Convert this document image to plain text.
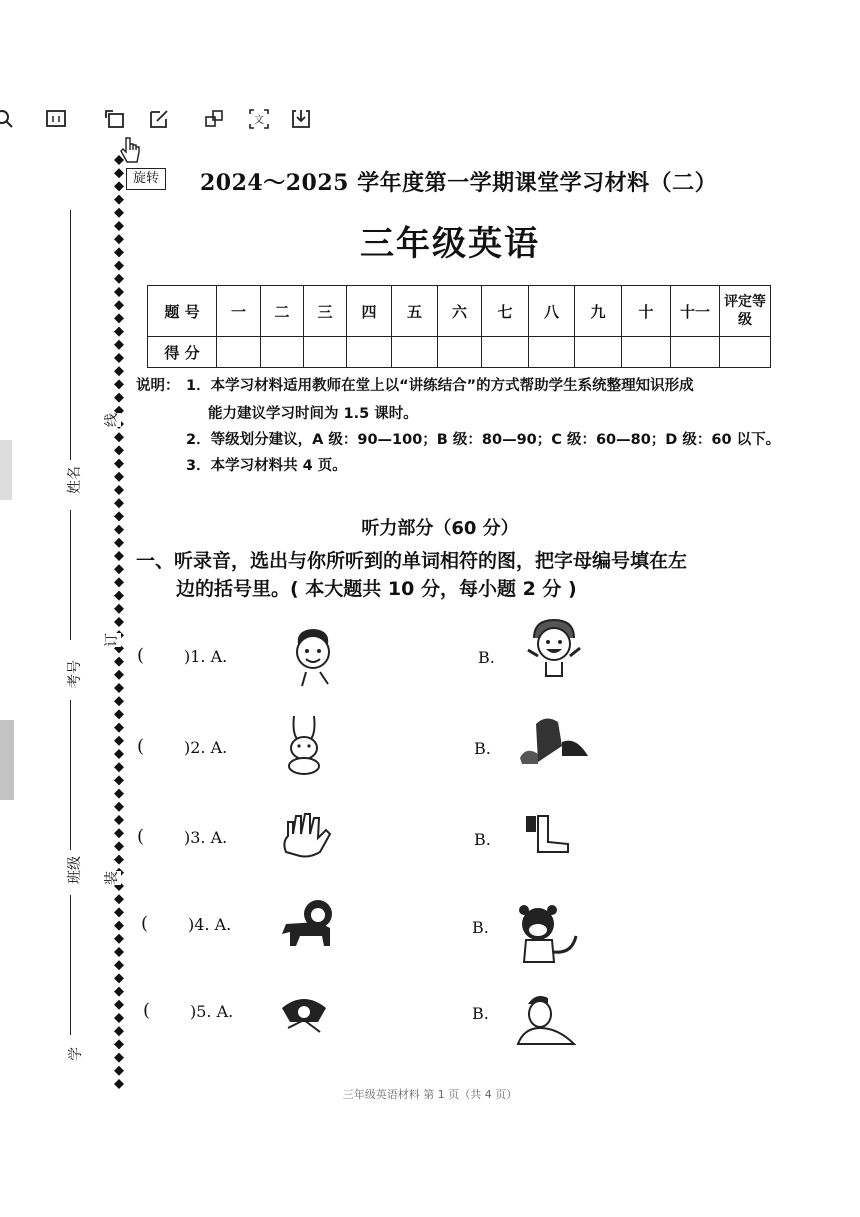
文
姓名
考号
班级
学
线
订
装
旋转	2024～2025 学年度第一学期课堂学习材料（二）
三年级英语
题 号	一	二	三	四	五	六	七	八	九	十	十一	评定等级
得 分												
说明： 1．本学习材料适用教师在堂上以“讲练结合”的方式帮助学生系统整理知识形成
能力建议学习时间为 1.5 课时。
2．等级划分建议，A 级：90—100；B 级：80—90；C 级：60—80；D 级：60 以下。
3．本学习材料共 4 页。
听力部分（60 分）
一、听录音，选出与你所听到的单词相符的图，把字母编号填在左
边的括号里。( 本大题共 10 分，每小题 2 分 )
( )1. A.	B.
( )2. A.	B.
( )3. A.	B.
( )4. A.	B.
( )5. A.	B.
三年级英语材料 第 1 页（共 4 页）
